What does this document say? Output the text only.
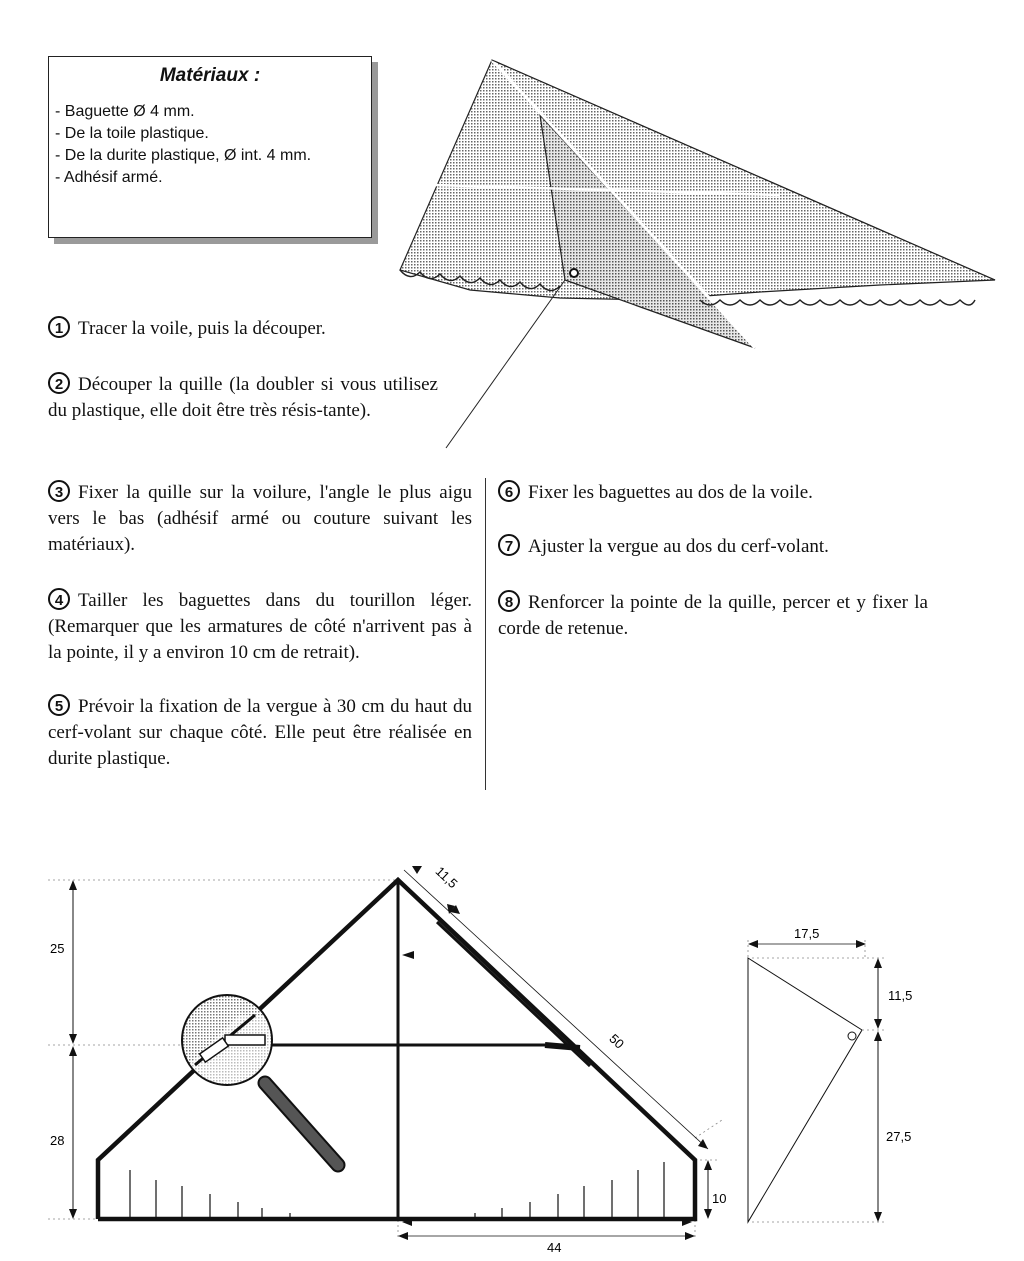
Matériaux :
- Baguette Ø 4 mm.
- De la toile plastique.
- De la durite plastique, Ø int. 4 mm.
- Adhésif armé.
1 Tracer la voile, puis la découper.
2 Découper la quille (la doubler si vous utilisez du plastique, elle doit être très résis-tante).
3 Fixer la quille sur la voilure, l'angle le plus aigu vers le bas (adhésif armé ou couture suivant les matériaux).
4 Tailler les baguettes dans du tourillon léger. (Remarquer que les armatures de côté n'arrivent pas à la pointe, il y a environ 10 cm de retrait).
5 Prévoir la fixation de la vergue à 30 cm du haut du cerf-volant sur chaque côté. Elle peut être réalisée en durite plastique.
6 Fixer les baguettes au dos de la voile.
7 Ajuster la vergue au dos du cerf-volant.
8 Renforcer la pointe de la quille, percer et y fixer la corde de retenue.
25
28
11,5
50
10
44
17,5
11,5
27,5
